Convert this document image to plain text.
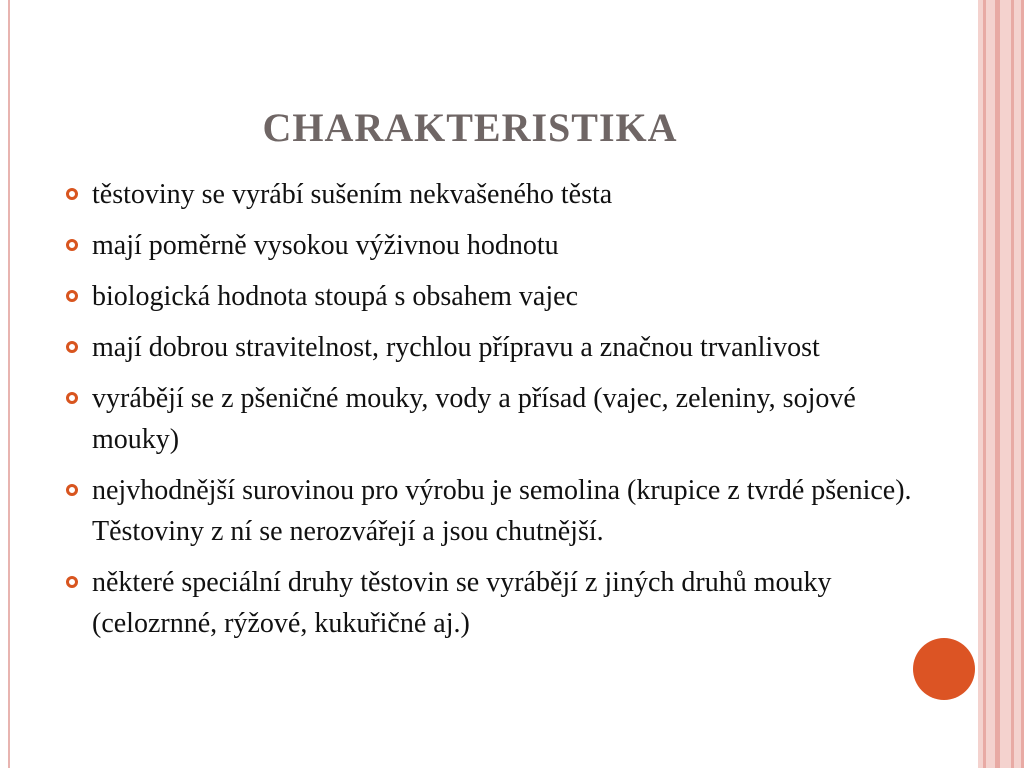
CHARAKTERISTIKA
těstoviny se vyrábí sušením nekvašeného těsta
mají poměrně vysokou výživnou hodnotu
biologická hodnota stoupá s obsahem vajec
mají dobrou stravitelnost, rychlou přípravu a značnou trvanlivost
vyrábějí se z pšeničné mouky, vody a přísad (vajec, zeleniny, sojové mouky)
nejvhodnější surovinou pro výrobu je semolina (krupice z tvrdé pšenice). Těstoviny z ní se nerozvářejí a jsou chutnější.
některé speciální druhy těstovin se vyrábějí z jiných druhů mouky (celozrnné, rýžové, kukuřičné aj.)
